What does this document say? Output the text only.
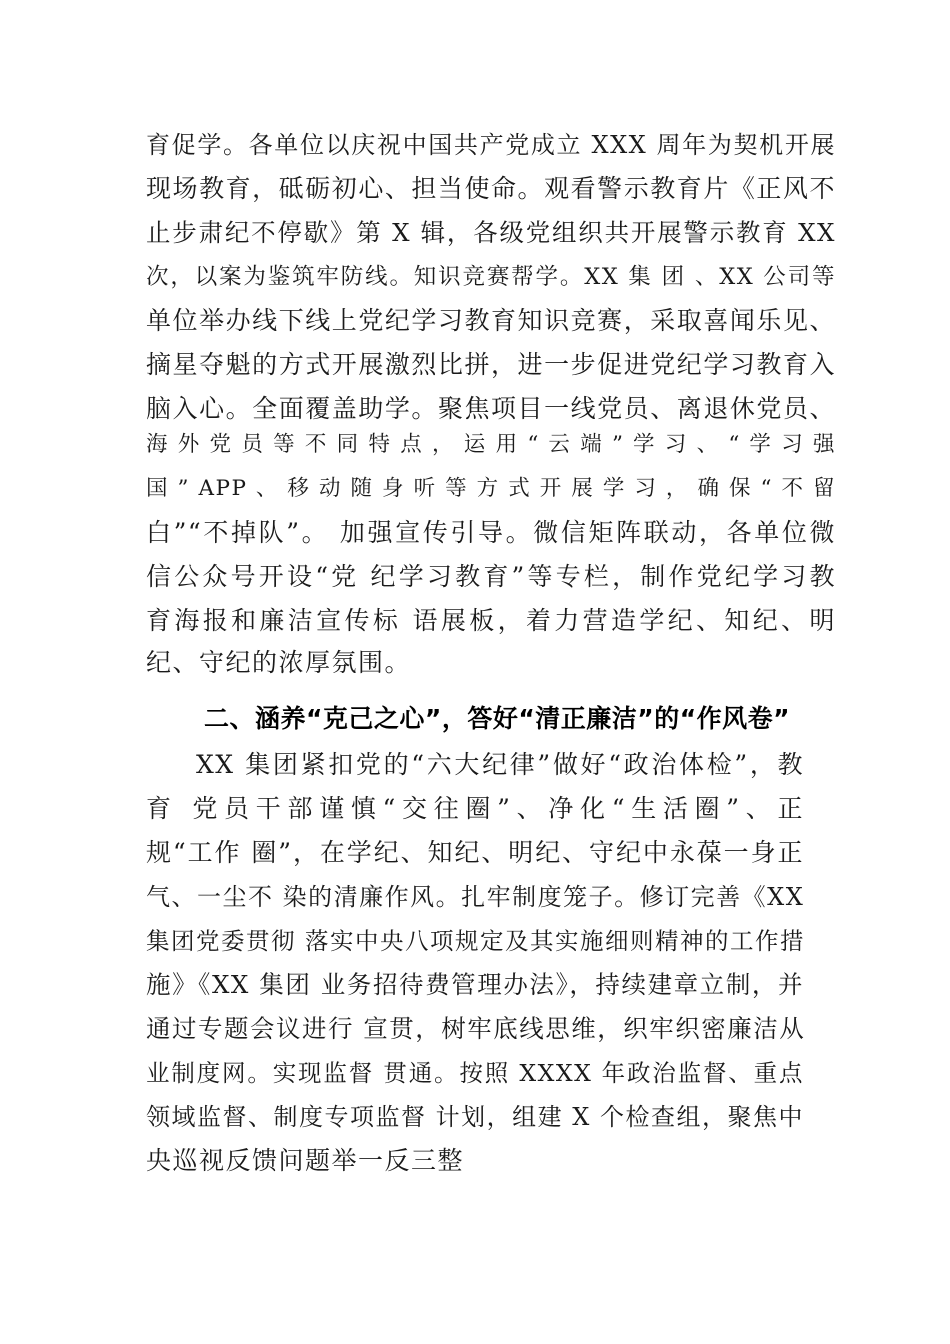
育促学。各单位以庆祝中国共产党成立 XXX 周年为契机开展
现场教育，砥砺初心、担当使命。观看警示教育片《正风不
止步肃纪不停歇》第 X 辑，各级党组织共开展警示教育 XX
次，以案为鉴筑牢防线。知识竞赛帮学。XX 集 团 、XX 公司等
单位举办线下线上党纪学习教育知识竞赛，采取喜闻乐见、
摘星夺魁的方式开展激烈比拼，进一步促进党纪学习教育入
脑入心。全面覆盖助学。聚焦项目一线党员、离退休党员、
海 外 党 员 等 不 同 特 点 ， 运 用 “ 云 端 ” 学 习 、 “ 学 习 强
国 ” APP 、 移 动 随 身 听 等 方 式 开 展 学 习 ， 确 保 “ 不 留
白”“不掉队”。 加强宣传引导。微信矩阵联动，各单位微
信公众号开设“党 纪学习教育”等专栏，制作党纪学习教
育海报和廉洁宣传标 语展板，着力营造学纪、知纪、明
纪、守纪的浓厚氛围。
二、涵养“克己之心”，答好“清正廉洁”的“作风卷”
XX 集团紧扣党的“六大纪律”做好“政治体检”，教
育 党员干部谨慎“交往圈”、净化“生活圈”、正
规“工作 圈”，在学纪、知纪、明纪、守纪中永葆一身正
气、一尘不 染的清廉作风。扎牢制度笼子。修订完善《XX
集团党委贯彻 落实中央八项规定及其实施细则精神的工作措
施》《XX 集团 业务招待费管理办法》，持续建章立制，并
通过专题会议进行 宣贯，树牢底线思维，织牢织密廉洁从
业制度网。实现监督 贯通。按照 XXXX 年政治监督、重点
领域监督、制度专项监督 计划，组建 X 个检查组，聚焦中
央巡视反馈问题举一反三整
